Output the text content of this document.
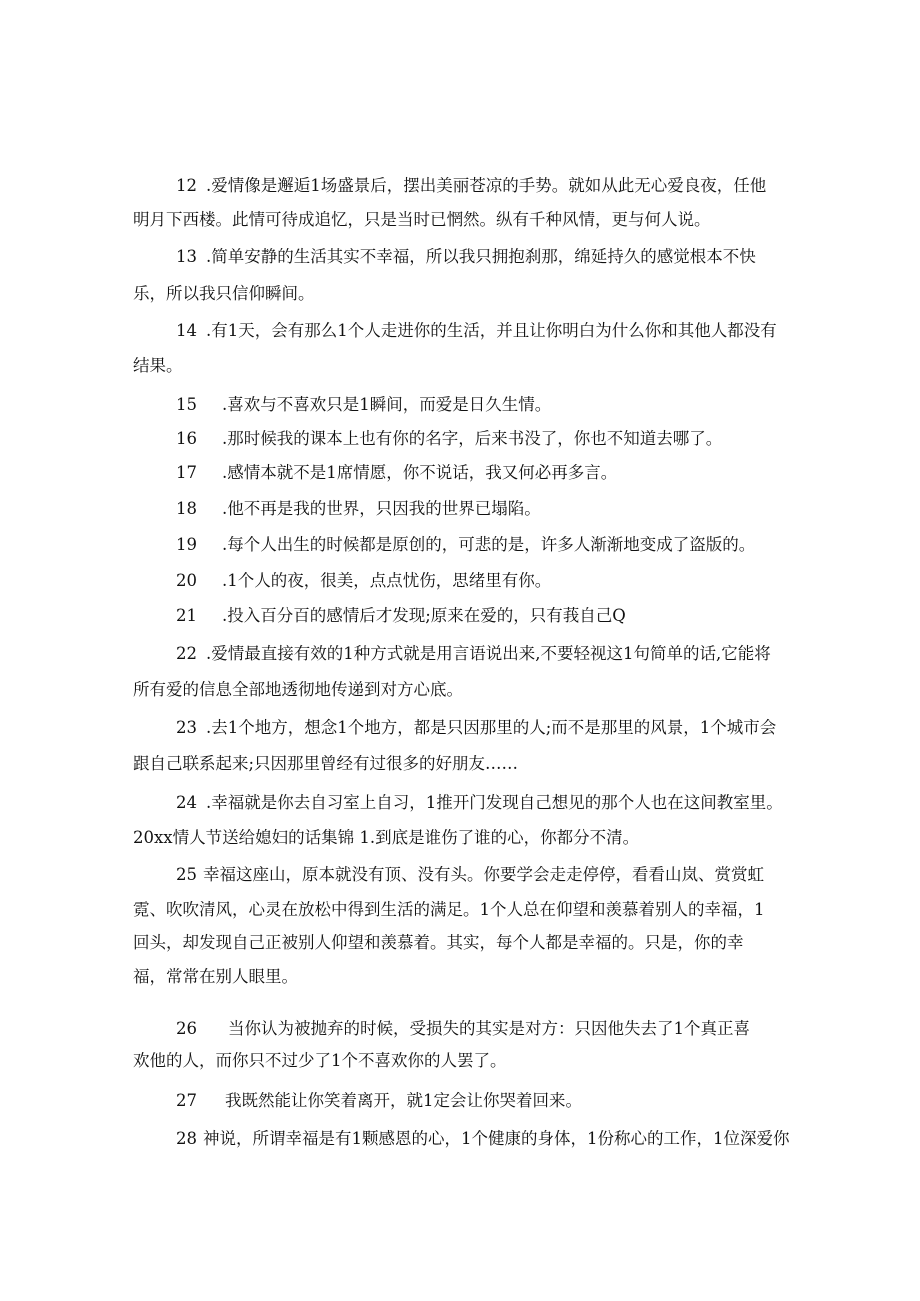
12 .爱情像是邂逅1场盛景后，摆出美丽苍凉的手势。就如从此无心爱良夜，任他
明月下西楼。此情可待成追忆，只是当时已惘然。纵有千种风情，更与何人说。
13 .简单安静的生活其实不幸福，所以我只拥抱刹那，绵延持久的感觉根本不快
乐，所以我只信仰瞬间。
14 .有1天，会有那么1个人走进你的生活，并且让你明白为什么你和其他人都没有
结果。
15 .喜欢与不喜欢只是1瞬间，而爱是日久生情。
16 .那时候我的课本上也有你的名字，后来书没了，你也不知道去哪了。
17 .感情本就不是1席情愿，你不说话，我又何必再多言。
18 .他不再是我的世界，只因我的世界已塌陷。
19 .每个人出生的时候都是原创的，可悲的是，许多人渐渐地变成了盗版的。
20 .1个人的夜，很美，点点忧伤，思绪里有你。
21 .投入百分百的感情后才发现;原来在爱的，只有莪自己Q
22 .爱情最直接有效的1种方式就是用言语说出来,不要轻视这1句简单的话,它能将
所有爱的信息全部地透彻地传递到对方心底。
23 .去1个地方，想念1个地方，都是只因那里的人;而不是那里的风景，1个城市会
跟自己联系起来;只因那里曾经有过很多的好朋友……
24 .幸福就是你去自习室上自习，1推开门发现自己想见的那个人也在这间教室里。
20xx情人节送给媳妇的话集锦 1.到底是谁伤了谁的心，你都分不清。
25 幸福这座山，原本就没有顶、没有头。你要学会走走停停，看看山岚、赏赏虹
霓、吹吹清风，心灵在放松中得到生活的满足。1个人总在仰望和羡慕着别人的幸福，1
回头，却发现自己正被别人仰望和羡慕着。其实，每个人都是幸福的。只是，你的幸
福，常常在别人眼里。
26 当你认为被抛弃的时候，受损失的其实是对方：只因他失去了1个真正喜
欢他的人，而你只不过少了1个不喜欢你的人罢了。
27 我既然能让你笑着离开，就1定会让你哭着回来。
28 神说，所谓幸福是有1颗感恩的心，1个健康的身体，1份称心的工作，1位深爱你
